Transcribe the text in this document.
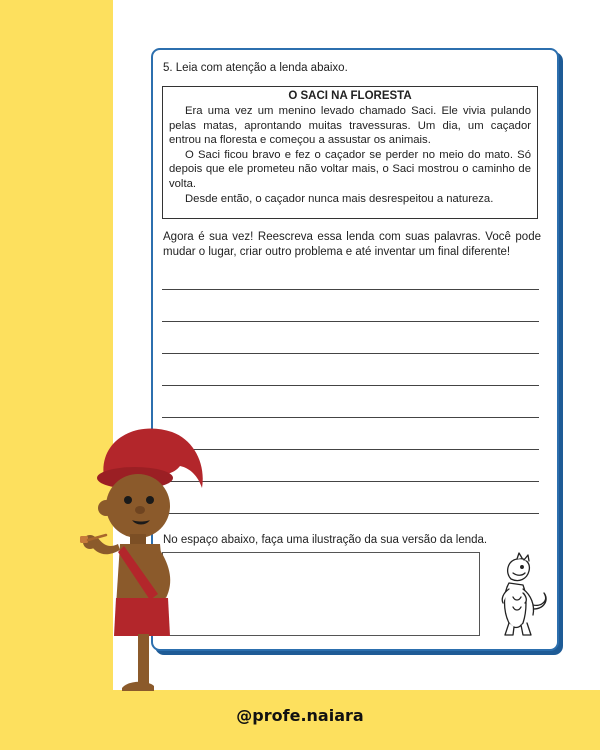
@profe.naiara
5. Leia com atenção a lenda abaixo.

O SACI NA FLORESTA

Era uma vez um menino levado chamado Saci. Ele vivia pulando pelas matas, aprontando muitas travessuras. Um dia, um caçador entrou na floresta e começou a assustar os animais.

O Saci ficou bravo e fez o caçador se perder no meio do mato. Só depois que ele prometeu não voltar mais, o Saci mostrou o caminho de volta.

Desde então, o caçador nunca mais desrespeitou a natureza.

Agora é sua vez! Reescreva essa lenda com suas palavras. Você pode mudar o lugar, criar outro problema e até inventar um final diferente!
No espaço abaixo, faça uma ilustração da sua versão da lenda.
